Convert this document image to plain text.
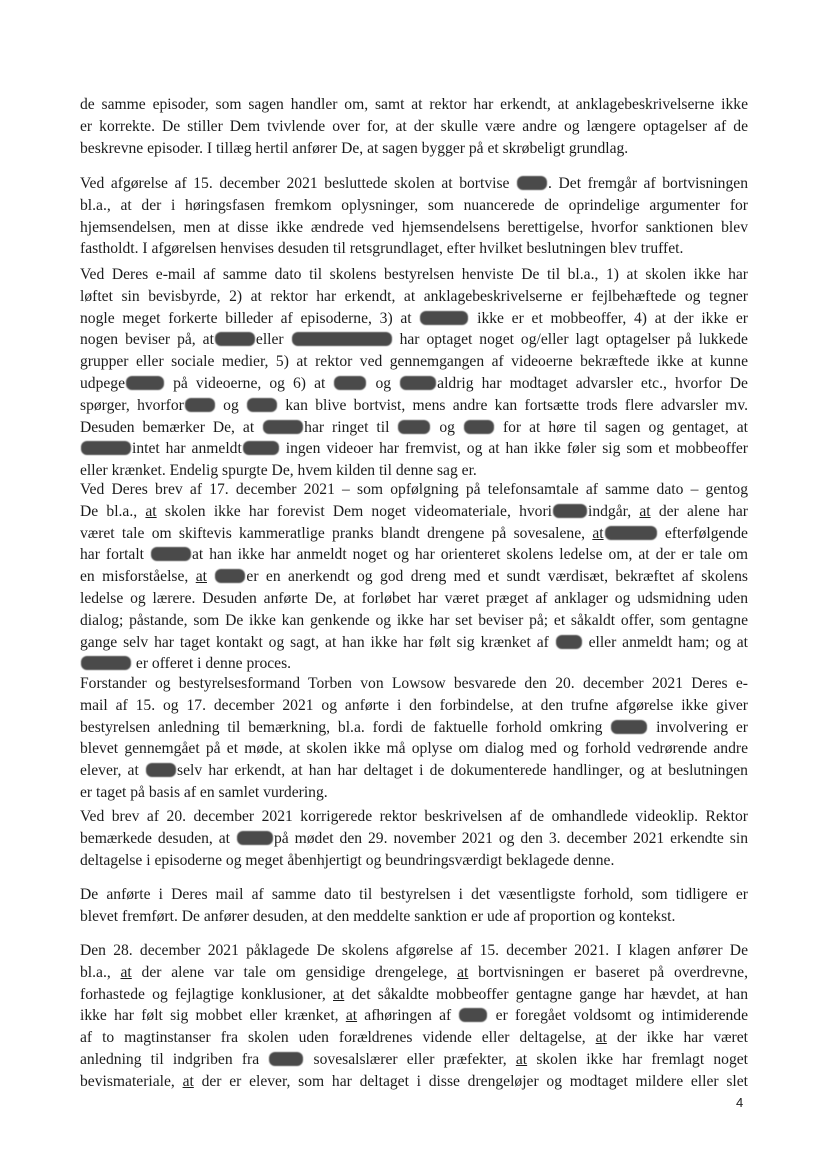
de samme episoder, som sagen handler om, samt at rektor har erkendt, at anklagebeskrivelserne ikke
er korrekte. De stiller Dem tvivlende over for, at der skulle være andre og længere optagelser af de
beskrevne episoder. I tillæg hertil anfører De, at sagen bygger på et skrøbeligt grundlag.
Ved afgørelse af 15. december 2021 besluttede skolen at bortvise . Det fremgår af bortvisningen
bl.a., at der i høringsfasen fremkom oplysninger, som nuancerede de oprindelige argumenter for
hjemsendelsen, men at disse ikke ændrede ved hjemsendelsens berettigelse, hvorfor sanktionen blev
fastholdt. I afgørelsen henvises desuden til retsgrundlaget, efter hvilket beslutningen blev truffet.
Ved Deres e-mail af samme dato til skolens bestyrelsen henviste De til bl.a., 1) at skolen ikke har
løftet sin bevisbyrde, 2) at rektor har erkendt, at anklagebeskrivelserne er fejlbehæftede og tegner
nogle meget forkerte billeder af episoderne, 3) at	ikke er et mobbeoffer, 4) at der ikke er
nogen beviser på, at	eller	har optaget noget og/eller lagt optagelser på lukkede
grupper eller sociale medier, 5) at rektor ved gennemgangen af videoerne bekræftede ikke at kunne
udpege	på videoerne, og 6) at	og	aldrig har modtaget advarsler etc., hvorfor De
spørger, hvorfor	og	kan blive bortvist, mens andre kan fortsætte trods flere advarsler mv.
Desuden bemærker De, at	har ringet til	og	for at høre til sagen og gentaget, at
intet har anmeldt	ingen videoer har fremvist, og at han ikke føler sig som et mobbeoffer
eller krænket. Endelig spurgte De, hvem kilden til denne sag er.
Ved Deres brev af 17. december 2021 – som opfølgning på telefonsamtale af samme dato – gentog
De bl.a., at skolen ikke har forevist Dem noget videomateriale, hvori indgår, at der alene har
været tale om skiftevis kammeratlige pranks blandt drengene på sovesalene, at	efterfølgende
har fortalt	at han ikke har anmeldt noget og har orienteret skolens ledelse om, at der er tale om
en misforståelse, at	er en anerkendt og god dreng med et sundt værdisæt, bekræftet af skolens
ledelse og lærere. Desuden anførte De, at forløbet har været præget af anklager og udsmidning uden
dialog; påstande, som De ikke kan genkende og ikke har set beviser på; et såkaldt offer, som gentagne
gange selv har taget kontakt og sagt, at han ikke har følt sig krænket af	eller anmeldt ham; og at
er offeret i denne proces.
Forstander og bestyrelsesformand Torben von Lowsow besvarede den 20. december 2021 Deres e-
mail af 15. og 17. december 2021 og anførte i den forbindelse, at den trufne afgørelse ikke giver
bestyrelsen anledning til bemærkning, bl.a. fordi de faktuelle forhold omkring	involvering er
blevet gennemgået på et møde, at skolen ikke må oplyse om dialog med og forhold vedrørende andre
elever, at selv har erkendt, at han har deltaget i de dokumenterede handlinger, og at beslutningen
er taget på basis af en samlet vurdering.
Ved brev af 20. december 2021 korrigerede rektor beskrivelsen af de omhandlede videoklip. Rektor
bemærkede desuden, at	på mødet den 29. november 2021 og den 3. december 2021 erkendte sin
deltagelse i episoderne og meget åbenhjertigt og beundringsværdigt beklagede denne.
De anførte i Deres mail af samme dato til bestyrelsen i det væsentligste forhold, som tidligere er
blevet fremført. De anfører desuden, at den meddelte sanktion er ude af proportion og kontekst.
Den 28. december 2021 påklagede De skolens afgørelse af 15. december 2021. I klagen anfører De
bl.a., at der alene var tale om gensidige drengelege, at bortvisningen er baseret på overdrevne,
forhastede og fejlagtige konklusioner, at det såkaldte mobbeoffer gentagne gange har hævdet, at han
ikke har følt sig mobbet eller krænket, at afhøringen af	er foregået voldsomt og intimiderende
af to magtinstanser fra skolen uden forældrenes vidende eller deltagelse, at der ikke har været
anledning til indgriben fra	sovesalslærer eller præfekter, at skolen ikke har fremlagt noget
bevismateriale, at der er elever, som har deltaget i disse drengeløjer og modtaget mildere eller slet
4
